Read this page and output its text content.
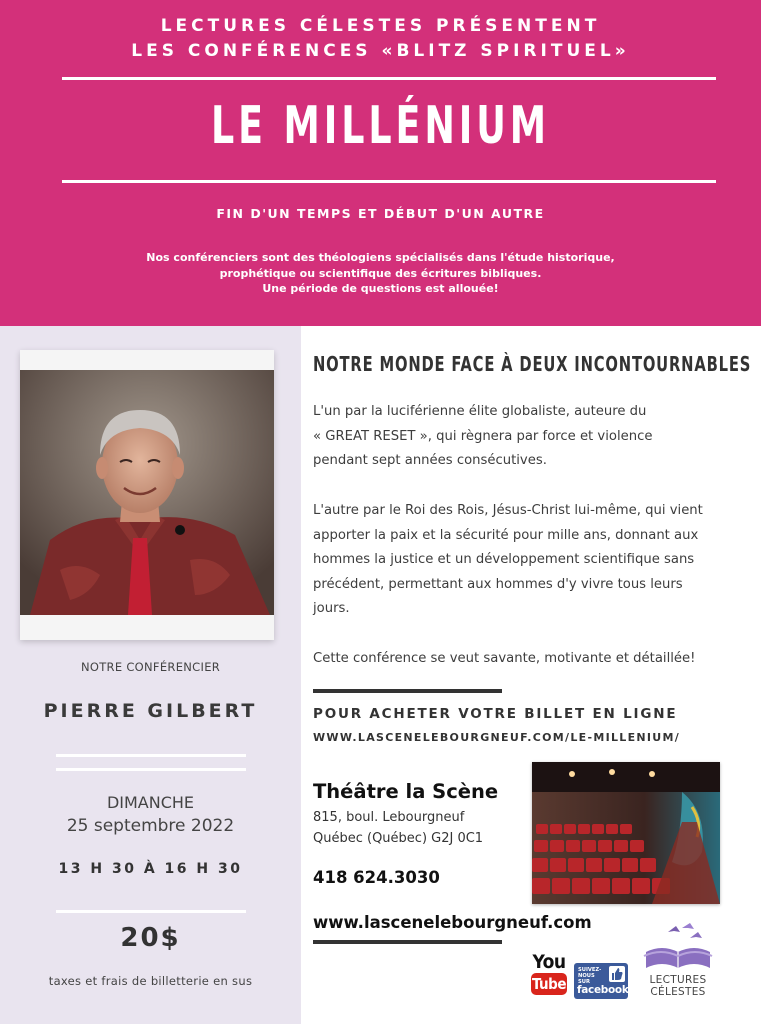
LECTURES CÉLESTES PRÉSENTENT
LES CONFÉRENCES «BLITZ SPIRITUEL»
LE MILLÉNIUM
FIN D'UN TEMPS ET DÉBUT D'UN AUTRE
Nos conférenciers sont des théologiens spécialisés dans l'étude historique,
prophétique ou scientifique des écritures bibliques.
Une période de questions est allouée!
NOTRE CONFÉRENCIER
PIERRE GILBERT
DIMANCHE
25 septembre 2022
13 H 30 À 16 H 30
20$
taxes et frais de billetterie en sus
NOTRE MONDE FACE À DEUX INCONTOURNABLES
L'un par la luciférienne élite globaliste, auteure du
« GREAT RESET », qui règnera par force et violence
pendant sept années consécutives.
L'autre par le Roi des Rois, Jésus-Christ lui-même, qui vient
apporter la paix et la sécurité pour mille ans, donnant aux
hommes la justice et un développement scientifique sans
précédent, permettant aux hommes d'y vivre tous leurs
jours.
Cette conférence se veut savante, motivante et détaillée!
POUR ACHETER VOTRE BILLET EN LIGNE
WWW.LASCENELEBOURGNEUF.COM/LE-MILLENIUM/
Théâtre la Scène
815, boul. Lebourgneuf
Québec (Québec) G2J 0C1
418 624.3030
www.lascenelebourgneuf.com
You
Tube
SUIVEZ-NOUS SUR
facebook
LECTURES
CÉLESTES
